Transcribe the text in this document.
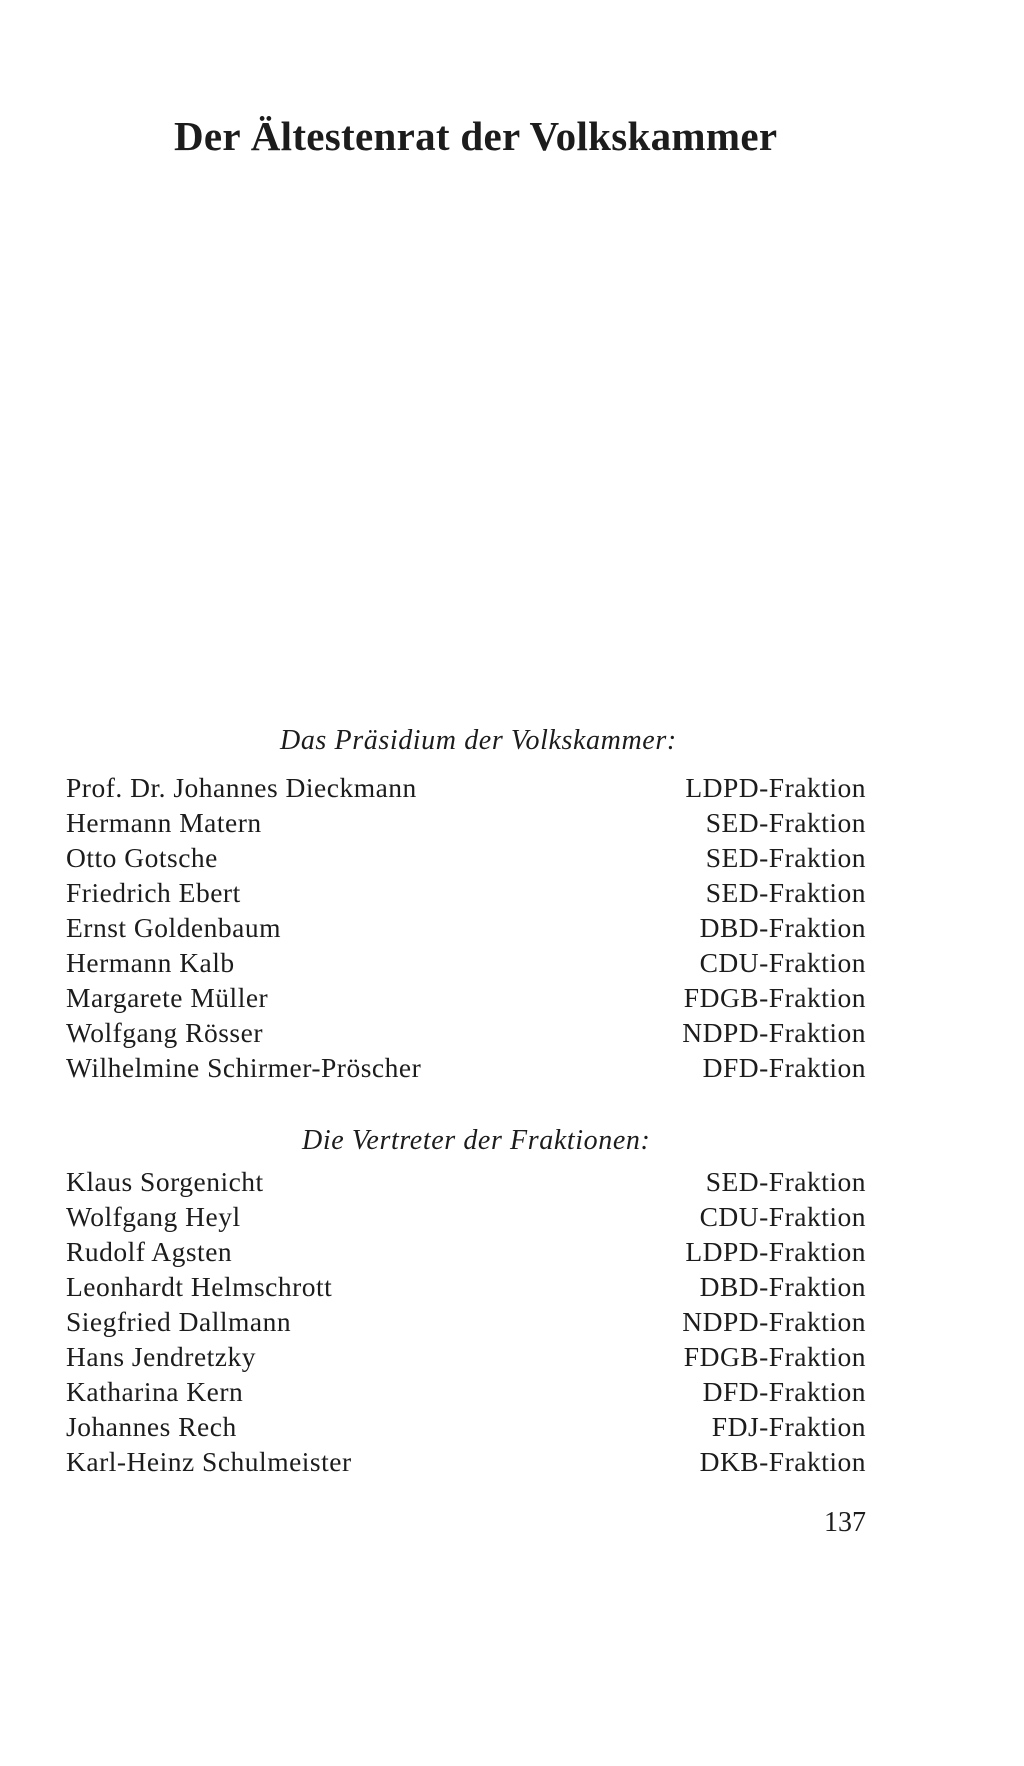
Der Ältestenrat der Volkskammer
Das Präsidium der Volkskammer:
Prof. Dr. Johannes Dieckmann	LDPD-Fraktion
Hermann Matern	SED-Fraktion
Otto Gotsche	SED-Fraktion
Friedrich Ebert	SED-Fraktion
Ernst Goldenbaum	DBD-Fraktion
Hermann Kalb	CDU-Fraktion
Margarete Müller	FDGB-Fraktion
Wolfgang Rösser	NDPD-Fraktion
Wilhelmine Schirmer-Pröscher	DFD-Fraktion
Die Vertreter der Fraktionen:
Klaus Sorgenicht	SED-Fraktion
Wolfgang Heyl	CDU-Fraktion
Rudolf Agsten	LDPD-Fraktion
Leonhardt Helmschrott	DBD-Fraktion
Siegfried Dallmann	NDPD-Fraktion
Hans Jendretzky	FDGB-Fraktion
Katharina Kern	DFD-Fraktion
Johannes Rech	FDJ-Fraktion
Karl-Heinz Schulmeister	DKB-Fraktion
137
